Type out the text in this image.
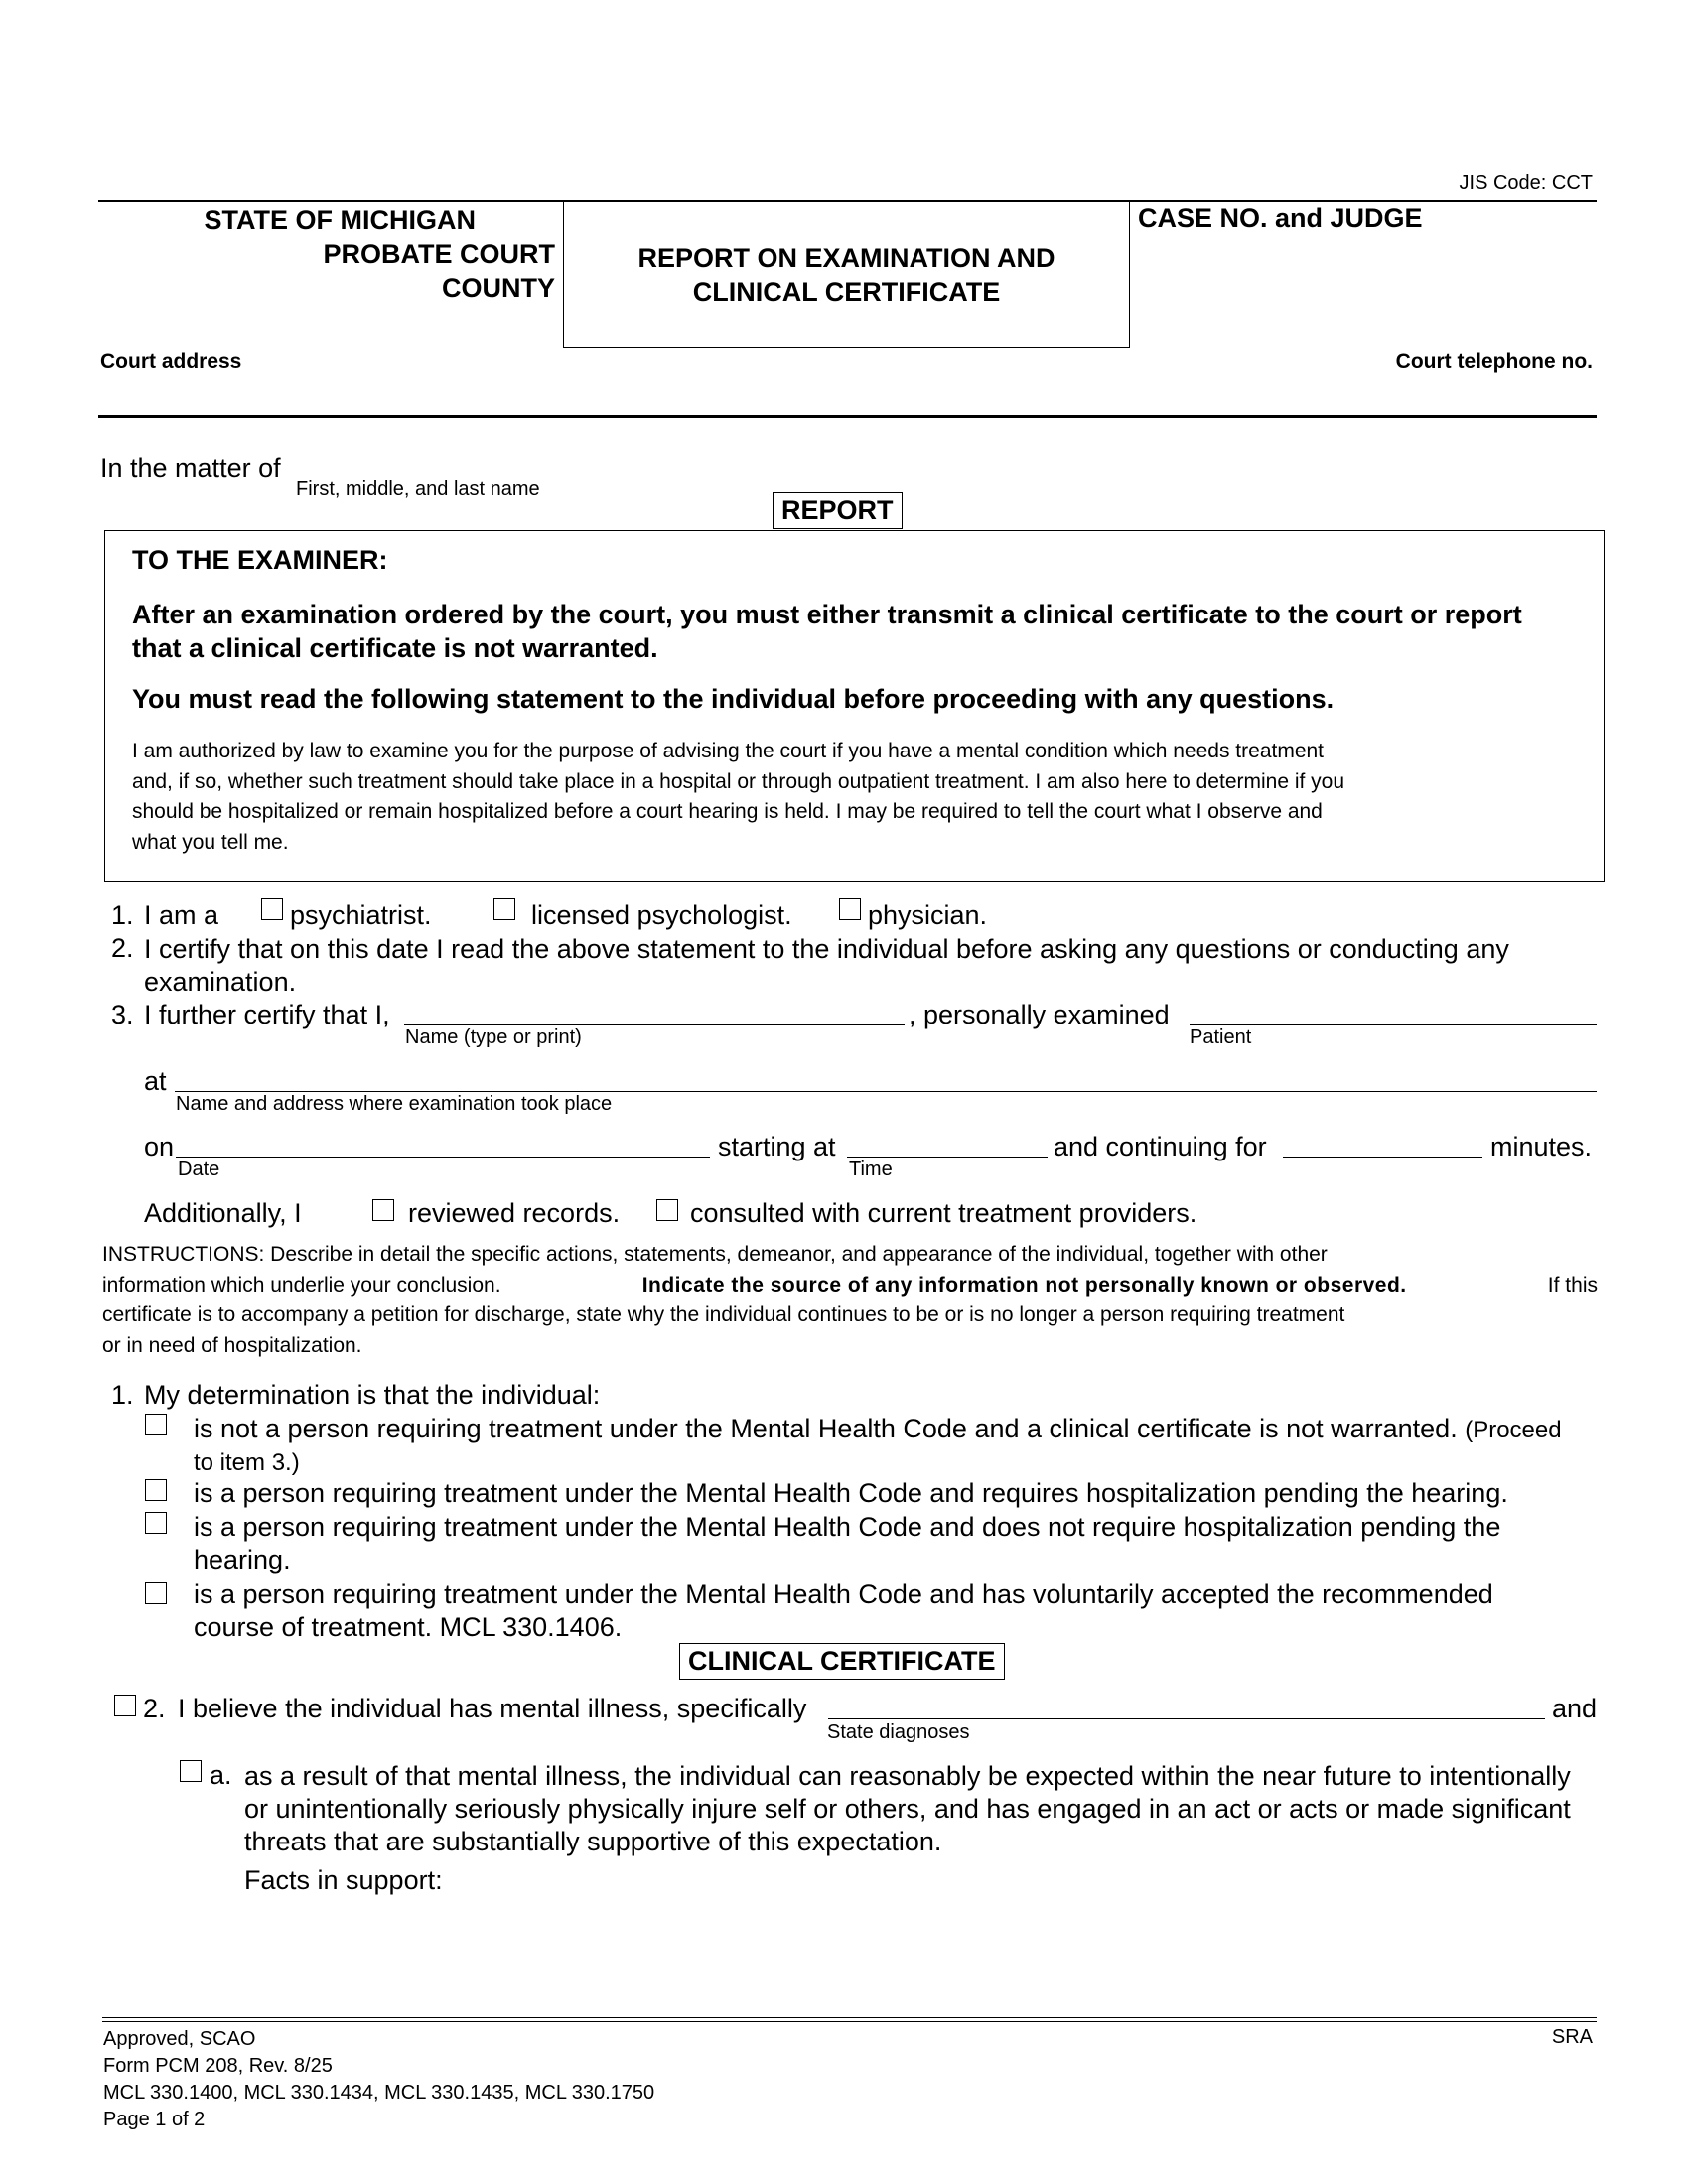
JIS Code: CCT
STATE OF MICHIGAN
PROBATE COURT
COUNTY
REPORT ON EXAMINATION AND
CLINICAL CERTIFICATE
CASE NO. and JUDGE
Court address	Court telephone no.
In the matter of
First, middle, and last name
REPORT
TO THE EXAMINER:
After an examination ordered by the court, you must either transmit a clinical certificate to the court or report
that a clinical certificate is not warranted.
You must read the following statement to the individual before proceeding with any questions.
I am authorized by law to examine you for the purpose of advising the court if you have a mental condition which needs treatment
and, if so, whether such treatment should take place in a hospital or through outpatient treatment. I am also here to determine if you
should be hospitalized or remain hospitalized before a court hearing is held. I may be required to tell the court what I observe and
what you tell me.
1. I am a	psychiatrist.	licensed psychologist.	physician.
2. I certify that on this date I read the above statement to the individual before asking any questions or conducting any
examination.
3. I further certify that I,
Name (type or print)
, personally examined
Patient
at
Name and address where examination took place
on
Date
starting at
Time
and continuing for	minutes.
Additionally, I	reviewed records.	consulted with current treatment providers.
INSTRUCTIONS: Describe in detail the specific actions, statements, demeanor, and appearance of the individual, together with other
information which underlie your conclusion.	Indicate the source of any information not personally known or observed.	If this
certificate is to accompany a petition for discharge, state why the individual continues to be or is no longer a person requiring treatment
or in need of hospitalization.
1. My determination is that the individual:
is not a person requiring treatment under the Mental Health Code and a clinical certificate is not warranted. (Proceed
to item 3.)
is a person requiring treatment under the Mental Health Code and requires hospitalization pending the hearing.
is a person requiring treatment under the Mental Health Code and does not require hospitalization pending the
hearing.
is a person requiring treatment under the Mental Health Code and has voluntarily accepted the recommended
course of treatment. MCL 330.1406.
CLINICAL CERTIFICATE
2. I believe the individual has mental illness, specifically
State diagnoses
and
a. as a result of that mental illness, the individual can reasonably be expected within the near future to intentionally
or unintentionally seriously physically injure self or others, and has engaged in an act or acts or made significant
threats that are substantially supportive of this expectation.
Facts in support:
Approved, SCAO
Form PCM 208, Rev. 8/25
MCL 330.1400, MCL 330.1434, MCL 330.1435, MCL 330.1750
Page 1 of 2
SRA
